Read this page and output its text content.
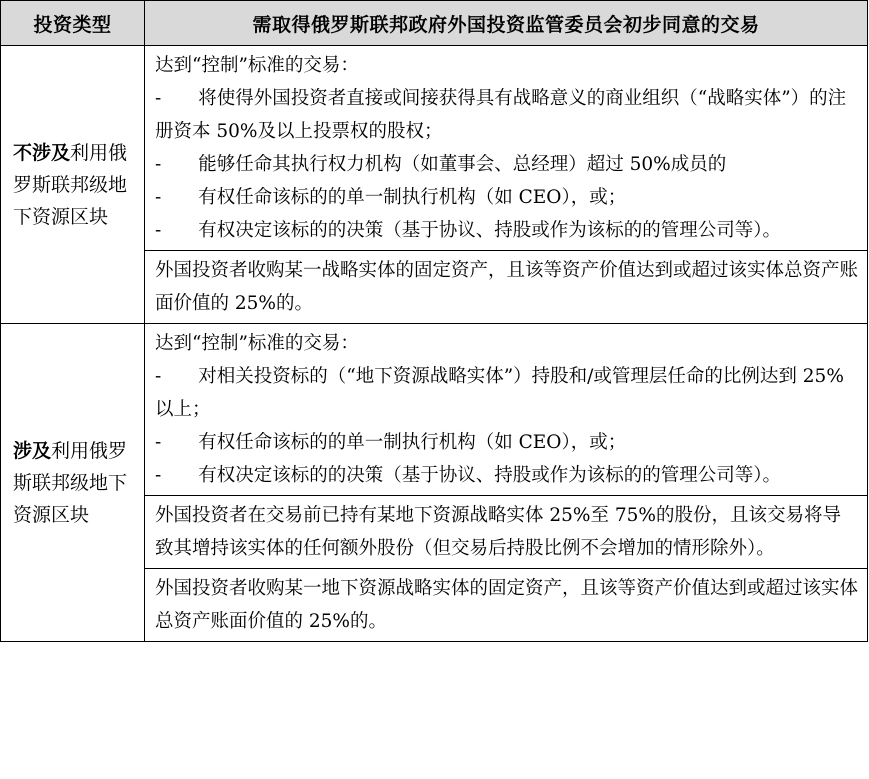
投资类型	需取得俄罗斯联邦政府外国投资监管委员会初步同意的交易
不涉及利用俄罗斯联邦级地下资源区块	达到“控制”标准的交易：
-　　将使得外国投资者直接或间接获得具有战略意义的商业组织（“战略实体”）的注册资本 50%及以上投票权的股权；
-　　能够任命其执行权力机构（如董事会、总经理）超过 50%成员的
-　　有权任命该标的的单一制执行机构（如 CEO），或；
-　　有权决定该标的的决策（基于协议、持股或作为该标的的管理公司等）。

	外国投资者收购某一战略实体的固定资产，且该等资产价值达到或超过该实体总资产账面价值的 25%的。
涉及利用俄罗斯联邦级地下资源区块	达到“控制”标准的交易：
-　　对相关投资标的（“地下资源战略实体”）持股和/或管理层任命的比例达到 25%以上；
-　　有权任命该标的的单一制执行机构（如 CEO），或；
-　　有权决定该标的的决策（基于协议、持股或作为该标的的管理公司等）。

	外国投资者在交易前已持有某地下资源战略实体 25%至 75%的股份，且该交易将导致其增持该实体的任何额外股份（但交易后持股比例不会增加的情形除外）。
	外国投资者收购某一地下资源战略实体的固定资产，且该等资产价值达到或超过该实体总资产账面价值的 25%的。
